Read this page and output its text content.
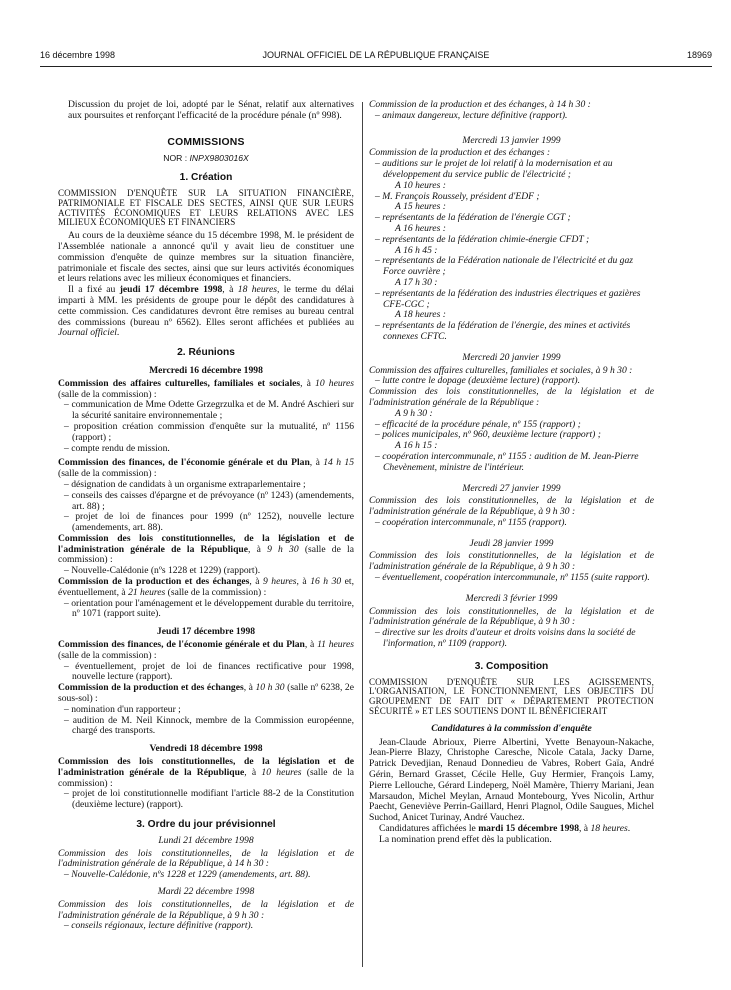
16 décembre 1998	JOURNAL OFFICIEL DE LA RÉPUBLIQUE FRANÇAISE	18969
Discussion du projet de loi, adopté par le Sénat, relatif aux alternatives aux poursuites et renforçant l'efficacité de la procédure pénale (nº 998).
COMMISSIONS
NOR : INPX9803016X
1. Création
COMMISSION D'ENQUÊTE SUR LA SITUATION FINANCIÈRE, PATRIMONIALE ET FISCALE DES SECTES, AINSI QUE SUR LEURS ACTIVITÉS ÉCONOMIQUES ET LEURS RELATIONS AVEC LES MILIEUX ÉCONOMIQUES ET FINANCIERS
Au cours de la deuxième séance du 15 décembre 1998, M. le président de l'Assemblée nationale a annoncé qu'il y avait lieu de constituer une commission d'enquête de quinze membres sur la situation financière, patrimoniale et fiscale des sectes, ainsi que sur leurs activités économiques et leurs relations avec les milieux économiques et financiers.
Il a fixé au jeudi 17 décembre 1998, à 18 heures, le terme du délai imparti à MM. les présidents de groupe pour le dépôt des candidatures à cette commission. Ces candidatures devront être remises au bureau central des commissions (bureau nº 6562). Elles seront affichées et publiées au Journal officiel.
2. Réunions
Mercredi 16 décembre 1998
Commission des affaires culturelles, familiales et sociales, à 10 heures (salle de la commission) :
– communication de Mme Odette Grzegrzulka et de M. André Aschieri sur la sécurité sanitaire environnementale ;
– proposition création commission d'enquête sur la mutualité, nº 1156 (rapport) ;
– compte rendu de mission.
Commission des finances, de l'économie générale et du Plan, à 14 h 15 (salle de la commission) :
– désignation de candidats à un organisme extraparlementaire ;
– conseils des caisses d'épargne et de prévoyance (nº 1243) (amendements, art. 88) ;
– projet de loi de finances pour 1999 (nº 1252), nouvelle lecture (amendements, art. 88).
Commission des lois constitutionnelles, de la législation et de l'administration générale de la République, à 9 h 30 (salle de la commission) :
– Nouvelle-Calédonie (nºs 1228 et 1229) (rapport).
Commission de la production et des échanges, à 9 heures, à 16 h 30 et, éventuellement, à 21 heures (salle de la commission) :
– orientation pour l'aménagement et le développement durable du territoire, nº 1071 (rapport suite).
Jeudi 17 décembre 1998
Commission des finances, de l'économie générale et du Plan, à 11 heures (salle de la commission) :
– éventuellement, projet de loi de finances rectificative pour 1998, nouvelle lecture (rapport).
Commission de la production et des échanges, à 10 h 30 (salle nº 6238, 2e sous-sol) :
– nomination d'un rapporteur ;
– audition de M. Neil Kinnock, membre de la Commission européenne, chargé des transports.
Vendredi 18 décembre 1998
Commission des lois constitutionnelles, de la législation et de l'administration générale de la République, à 10 heures (salle de la commission) :
– projet de loi constitutionnelle modifiant l'article 88-2 de la Constitution (deuxième lecture) (rapport).
3. Ordre du jour prévisionnel
Lundi 21 décembre 1998
Commission des lois constitutionnelles, de la législation et de l'administration générale de la République, à 14 h 30 :
– Nouvelle-Calédonie, nºs 1228 et 1229 (amendements, art. 88).
Mardi 22 décembre 1998
Commission des lois constitutionnelles, de la législation et de l'administration générale de la République, à 9 h 30 :
– conseils régionaux, lecture définitive (rapport).
Commission de la production et des échanges, à 14 h 30 :
– animaux dangereux, lecture définitive (rapport).
Mercredi 13 janvier 1999
Commission de la production et des échanges :
– auditions sur le projet de loi relatif à la modernisation et au développement du service public de l'électricité ;
A 10 heures :
– M. François Roussely, président d'EDF ;
A 15 heures :
– représentants de la fédération de l'énergie CGT ;
A 16 heures :
– représentants de la fédération chimie-énergie CFDT ;
A 16 h 45 :
– représentants de la Fédération nationale de l'électricité et du gaz Force ouvrière ;
A 17 h 30 :
– représentants de la fédération des industries électriques et gazières CFE-CGC ;
A 18 heures :
– représentants de la fédération de l'énergie, des mines et activités connexes CFTC.
Mercredi 20 janvier 1999
Commission des affaires culturelles, familiales et sociales, à 9 h 30 :
– lutte contre le dopage (deuxième lecture) (rapport).
Commission des lois constitutionnelles, de la législation et de l'administration générale de la République :
A 9 h 30 :
– efficacité de la procédure pénale, nº 155 (rapport) ;
– polices municipales, nº 960, deuxième lecture (rapport) ;
A 16 h 15 :
– coopération intercommunale, nº 1155 : audition de M. Jean-Pierre Chevènement, ministre de l'intérieur.
Mercredi 27 janvier 1999
Commission des lois constitutionnelles, de la législation et de l'administration générale de la République, à 9 h 30 :
– coopération intercommunale, nº 1155 (rapport).
Jeudi 28 janvier 1999
Commission des lois constitutionnelles, de la législation et de l'administration générale de la République, à 9 h 30 :
– éventuellement, coopération intercommunale, nº 1155 (suite rapport).
Mercredi 3 février 1999
Commission des lois constitutionnelles, de la législation et de l'administration générale de la République, à 9 h 30 :
– directive sur les droits d'auteur et droits voisins dans la société de l'information, nº 1109 (rapport).
3. Composition
COMMISSION D'ENQUÊTE SUR LES AGISSEMENTS, L'ORGANISATION, LE FONCTIONNEMENT, LES OBJECTIFS DU GROUPEMENT DE FAIT DIT « DÉPARTEMENT PROTECTION SÉCURITÉ » ET LES SOUTIENS DONT IL BÉNÉFICIERAIT
Candidatures à la commission d'enquête
Jean-Claude Abrioux, Pierre Albertini, Yvette Benayoun-Nakache, Jean-Pierre Blazy, Christophe Caresche, Nicole Catala, Jacky Darne, Patrick Devedjian, Renaud Donnedieu de Vabres, Robert Gaïa, André Gérin, Bernard Grasset, Cécile Helle, Guy Hermier, François Lamy, Pierre Lellouche, Gérard Lindeperg, Noël Mamère, Thierry Mariani, Jean Marsaudon, Michel Meylan, Arnaud Montebourg, Yves Nicolin, Arthur Paecht, Geneviève Perrin-Gaillard, Henri Plagnol, Odile Saugues, Michel Suchod, Anicet Turinay, André Vauchez.
Candidatures affichées le mardi 15 décembre 1998, à 18 heures.
La nomination prend effet dès la publication.
